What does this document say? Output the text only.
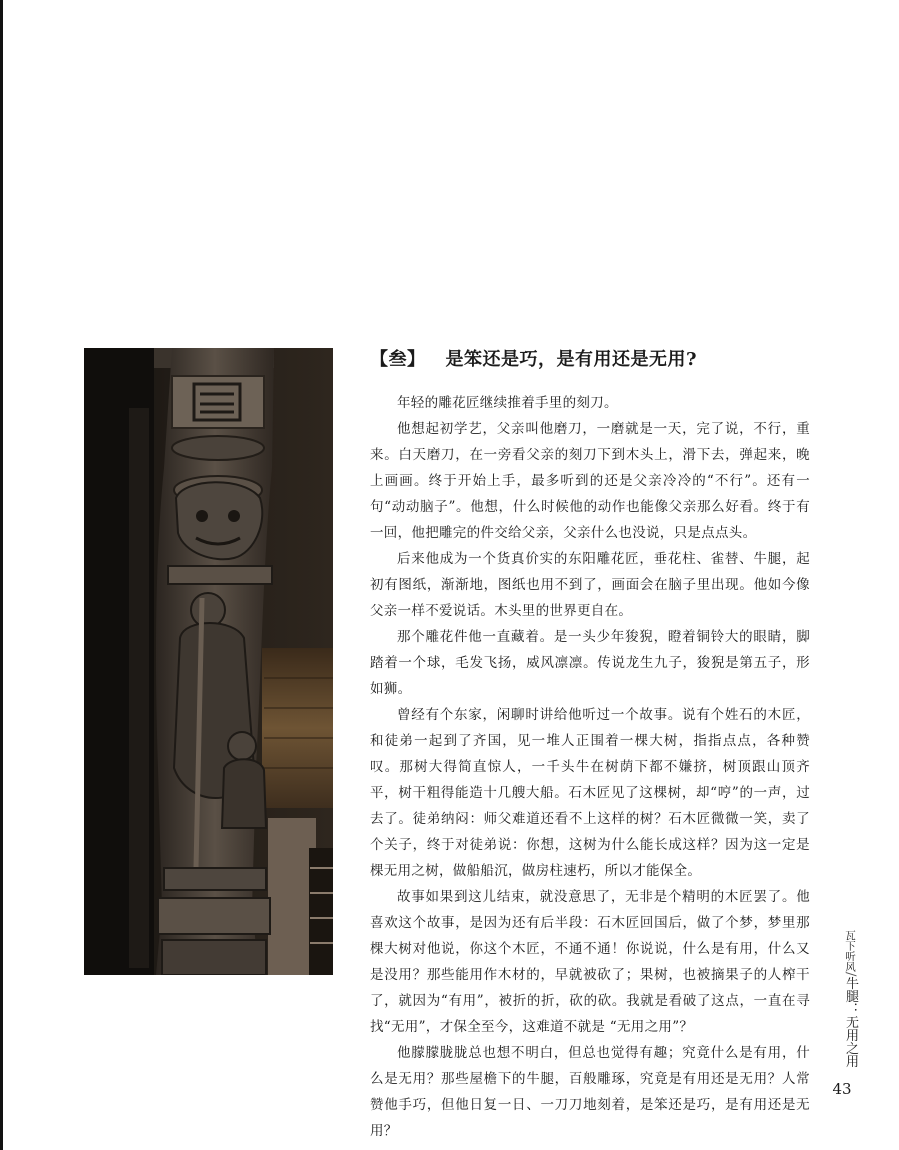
【叁】 是笨还是巧，是有用还是无用?

年轻的雕花匠继续推着手里的刻刀。

他想起初学艺，父亲叫他磨刀，一磨就是一天，完了说，不行，重来。白天磨刀，在一旁看父亲的刻刀下到木头上，滑下去，弹起来，晚上画画。终于开始上手，最多听到的还是父亲冷冷的“不行”。还有一句“动动脑子”。他想，什么时候他的动作也能像父亲那么好看。终于有一回，他把雕完的件交给父亲，父亲什么也没说，只是点点头。

后来他成为一个货真价实的东阳雕花匠，垂花柱、雀替、牛腿，起初有图纸，渐渐地，图纸也用不到了，画面会在脑子里出现。他如今像父亲一样不爱说话。木头里的世界更自在。

那个雕花件他一直藏着。是一头少年狻猊，瞪着铜铃大的眼睛，脚踏着一个球，毛发飞扬，威风凛凛。传说龙生九子，狻猊是第五子，形如狮。

曾经有个东家，闲聊时讲给他听过一个故事。说有个姓石的木匠，和徒弟一起到了齐国，见一堆人正围着一棵大树，指指点点，各种赞叹。那树大得简直惊人，一千头牛在树荫下都不嫌挤，树顶跟山顶齐平，树干粗得能造十几艘大船。石木匠见了这棵树，却“哼”的一声，过去了。徒弟纳闷：师父难道还看不上这样的树？石木匠微微一笑，卖了个关子，终于对徒弟说：你想，这树为什么能长成这样？因为这一定是棵无用之树，做船船沉，做房柱速朽，所以才能保全。

故事如果到这儿结束，就没意思了，无非是个精明的木匠罢了。他喜欢这个故事，是因为还有后半段：石木匠回国后，做了个梦，梦里那棵大树对他说，你这个木匠，不通不通！你说说，什么是有用，什么又是没用？那些能用作木材的，早就被砍了；果树，也被摘果子的人榨干了，就因为“有用”，被折的折，砍的砍。我就是看破了这点，一直在寻找“无用”，才保全至今，这难道不就是 “无用之用”？

他朦朦胧胧总也想不明白，但总也觉得有趣；究竟什么是有用，什么是无用？那些屋檐下的牛腿，百般雕琢，究竟是有用还是无用？人常赞他手巧，但他日复一日、一刀刀地刻着，是笨还是巧，是有用还是无用？

瓦下听风/牛腿：无用之用
43
